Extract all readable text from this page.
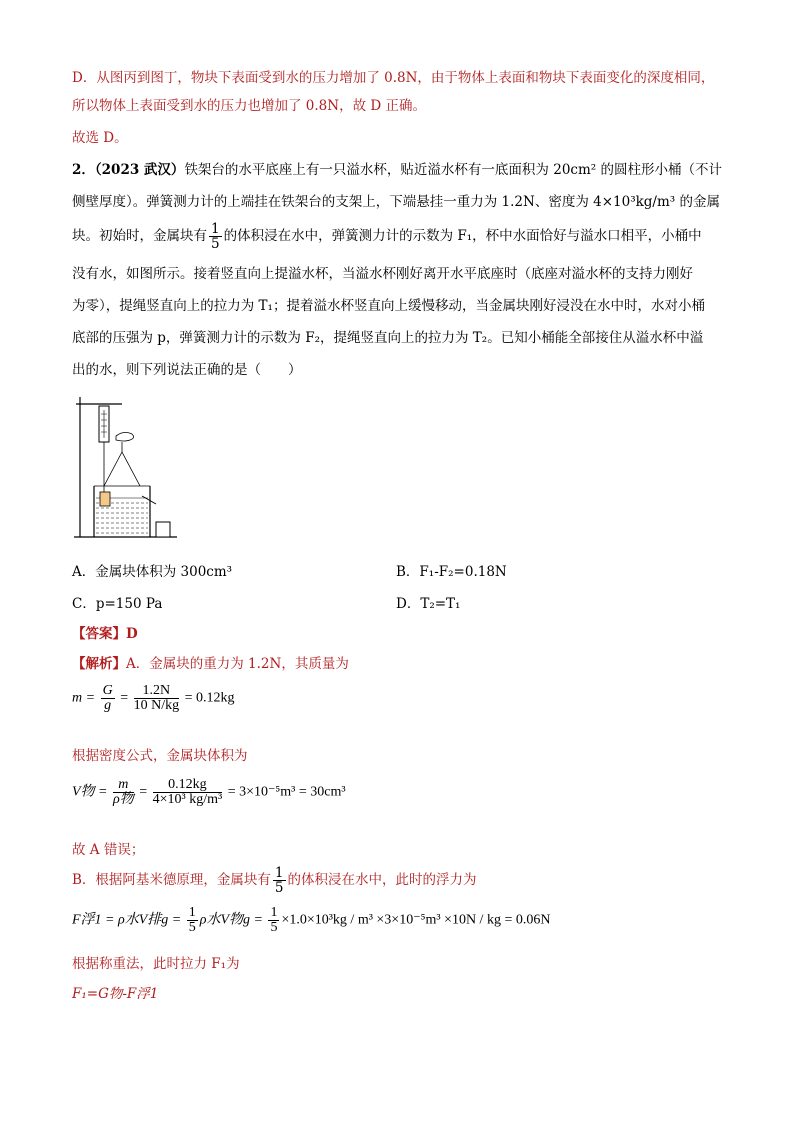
D．从图丙到图丁，物块下表面受到水的压力增加了 0.8N，由于物体上表面和物块下表面变化的深度相同，
所以物体上表面受到水的压力也增加了 0.8N，故 D 正确。
故选 D。
2．（2023 武汉）铁架台的水平底座上有一只溢水杯，贴近溢水杯有一底面积为 20cm² 的圆柱形小桶（不计
侧壁厚度）。弹簧测力计的上端挂在铁架台的支架上，下端悬挂一重力为 1.2N、密度为 4×10³kg/m³ 的金属
块。初始时，金属块有 $\frac{1}{5}$ 的体积浸在水中，弹簧测力计的示数为 F₁，杯中水面恰好与溢水口相平，小桶中
没有水，如图所示。接着竖直向上提溢水杯，当溢水杯刚好离开水平底座时（底座对溢水杯的支持力刚好
为零），提绳竖直向上的拉力为 T₁；提着溢水杯竖直向上缓慢移动，当金属块刚好浸没在水中时，水对小桶
底部的压强为 p，弹簧测力计的示数为 F₂，提绳竖直向上的拉力为 T₂。已知小桶能全部接住从溢水杯中溢
出的水，则下列说法正确的是（　　）
A．金属块体积为 300cm³	B．F₁-F₂=0.18N
C．p=150 Pa	D．T₂=T₁
【答案】D
【解析】A．金属块的重力为 1.2N，其质量为
$m = \frac{G}{g} = \frac{1.2N}{10 N/kg} = 0.12kg$
根据密度公式，金属块体积为
V物 = $\frac{m}{\text{ρ物}} = \frac{0.12kg}{\text{4×10³ kg/m³}} = 3\times 10^{-5}m^3 = 30cm^3$
故 A 错误；
B．根据阿基米德原理，金属块有 $\frac{1}{5}$ 的体积浸在水中，此时的浮力为
F浮1 = ρ水V排$g = \frac{1}{5}$ ρ水V物$g = \frac{1}{5} \times 1.0\times 10^3kg / m^3 \times 3\times 10^{-5}m^3 \times 10N$ / kg = 0.06N
根据称重法，此时拉力 F₁为
F₁=G物-F浮1
